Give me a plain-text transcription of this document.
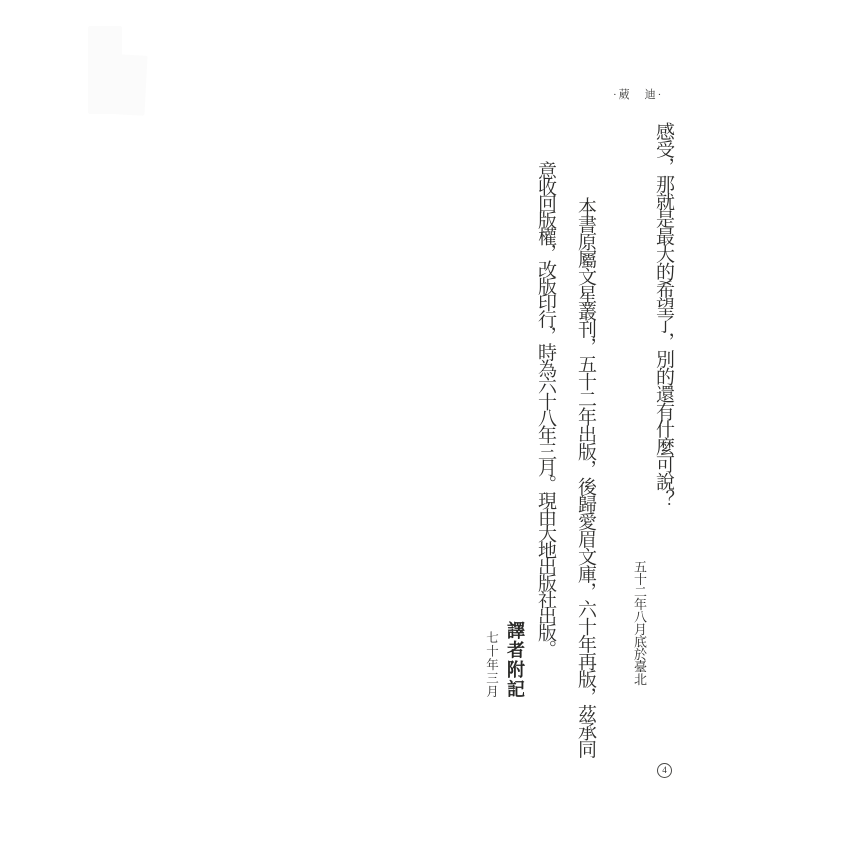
·葳　迪·
感受，那就是最大的希望了，別的還有什麼可說？
五十二年八月底於臺北
本書原屬文星叢刊，五十二年出版，後歸愛眉文庫，六十年再版，茲承同
意收回版權，改版印行，時為六十八年三月。現由大地出版社出版。
譯者附記
七十年三月
4
